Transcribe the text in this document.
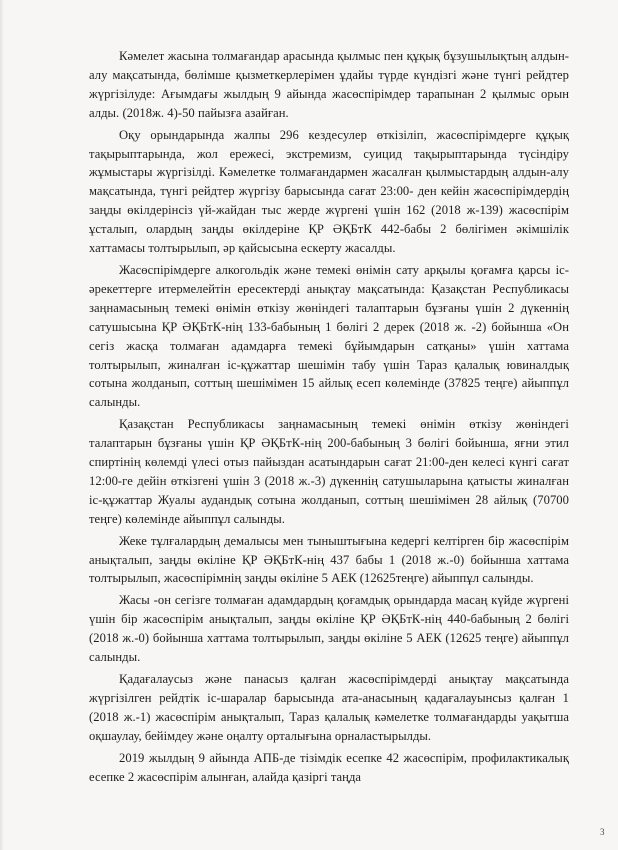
Кәмелет жасына толмағандар арасында қылмыс пен құқық бұзушылықтың алдын-алу мақсатында, бөлімше қызметкерлерімен ұдайы түрде күндізгі және түнгі рейдтер жүргізілуде: Ағымдағы жылдың 9 айында жасөспірімдер тарапынан 2 қылмыс орын алды. (2018ж. 4)-50 пайызға азайған.

Оқу орындарында жалпы 296 кездесулер өткізіліп, жасөспірімдерге құқық тақырыптарында, жол ережесі, экстремизм, суицид тақырыптарында түсіндіру жұмыстары жүргізілді. Кәмелетке толмағандармен жасалған қылмыстардың алдын-алу мақсатында, түнгі рейдтер жүргізу барысында сағат 23:00- ден кейін жасөспірімдердің заңды өкілдерінсіз үй-жайдан тыс жерде жүргені үшін 162 (2018 ж-139) жасөспірім ұсталып, олардың заңды өкілдеріне ҚР ӘҚБтК 442-бабы 2 бөлігімен әкімшілік хаттамасы толтырылып, әр қайсысына ескерту жасалды.

Жасөспірімдерге алкогольдік және темекі өнімін сату арқылы қоғамға қарсы іс-әрекеттерге итермелейтін ересектерді анықтау мақсатында: Қазақстан Республикасы заңнамасының темекі өнімін өткізу жөніндегі талаптарын бұзғаны үшін 2 дүкеннің сатушысына ҚР ӘҚБтК-нің 133-бабының 1 бөлігі 2 дерек (2018 ж. -2) бойынша «Он сегіз жасқа толмаған адамдарға темекі бұйымдарын сатқаны» үшін хаттама толтырылып, жиналған іс-құжаттар шешімін табу үшін Тараз қалалық ювиналдық сотына жолданып, соттың шешімімен 15 айлық есеп көлемінде (37825 теңге) айыппұл салынды.

Қазақстан Республикасы заңнамасының темекі өнімін өткізу жөніндегі талаптарын бұзғаны үшін ҚР ӘҚБтК-нің 200-бабының 3 бөлігі бойынша, яғни этил спиртінің көлемді үлесі отыз пайыздан асатындарын сағат 21:00-ден келесі күнгі сағат 12:00-ге дейін өткізгені үшін 3 (2018 ж.-3) дүкеннің сатушыларына қатысты жиналған іс-құжаттар Жуалы аудандық сотына жолданып, соттың шешімімен 28 айлық (70700 теңге) көлемінде айыппұл салынды.

Жеке тұлғалардың демалысы мен тыныштығына кедергі келтірген бір жасөспірім анықталып, заңды өкіліне ҚР ӘҚБтК-нің 437 бабы 1 (2018 ж.-0) бойынша хаттама толтырылып, жасөспірімнің заңды өкіліне 5 АЕК (12625теңге) айыппұл салынды.

Жасы -он сегізге толмаған адамдардың қоғамдық орындарда масаң күйде жүргені үшін бір жасөспірім анықталып, заңды өкіліне ҚР ӘҚБтК-нің 440-бабының 2 бөлігі (2018 ж.-0) бойынша хаттама толтырылып, заңды өкіліне 5 АЕК (12625 теңге) айыппұл салынды.

Қадағалаусыз және панасыз қалған жасөспірімдерді анықтау мақсатында жүргізілген рейдтік іс-шаралар барысында ата-анасының қадағалауынсыз қалған 1 (2018 ж.-1) жасөспірім анықталып, Тараз қалалық кәмелетке толмағандарды уақытша оқшаулау, бейімдеу және оңалту орталығына орналастырылды.

2019 жылдың 9 айында АПБ-де тізімдік есепке 42 жасөспірім, профилактикалық есепке 2 жасөспірім алынған, алайда қазіргі таңда

3
